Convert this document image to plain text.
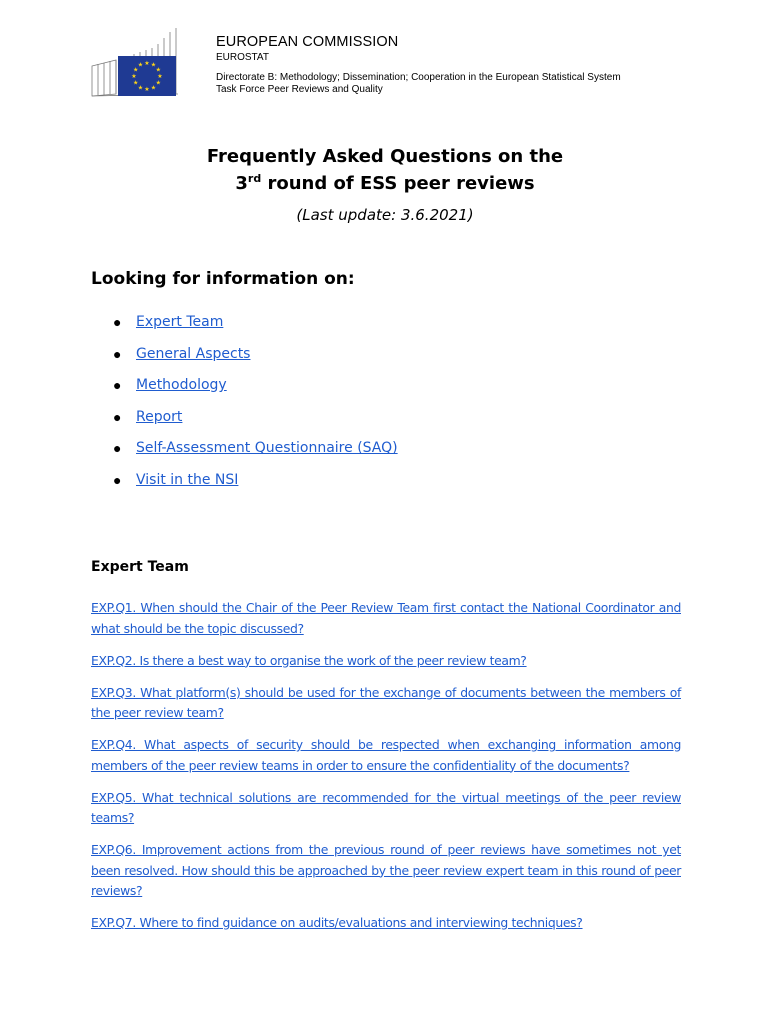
★ ★
★
★
★
★
★
★
★
★
★
★
EUROPEAN COMMISSION
EUROSTAT
Directorate B: Methodology; Dissemination; Cooperation in the European Statistical System
Task Force Peer Reviews and Quality
Frequently Asked Questions on the
3rd round of ESS peer reviews
(Last update: 3.6.2021)
Looking for information on:
●	Expert Team
●	General Aspects
●	Methodology
●	Report
●	Self-Assessment Questionnaire (SAQ)
●	Visit in the NSI
Expert Team
EXP.Q1. When should the Chair of the Peer Review Team first contact the National Coordinator and what should be the topic discussed?
EXP.Q2. Is there a best way to organise the work of the peer review team?
EXP.Q3. What platform(s) should be used for the exchange of documents between the members of the peer review team?
EXP.Q4. What aspects of security should be respected when exchanging information among members of the peer review teams in order to ensure the confidentiality of the documents?
EXP.Q5. What technical solutions are recommended for the virtual meetings of the peer review teams?
EXP.Q6. Improvement actions from the previous round of peer reviews have sometimes not yet been resolved. How should this be approached by the peer review expert team in this round of peer reviews?
EXP.Q7. Where to find guidance on audits/evaluations and interviewing techniques?
